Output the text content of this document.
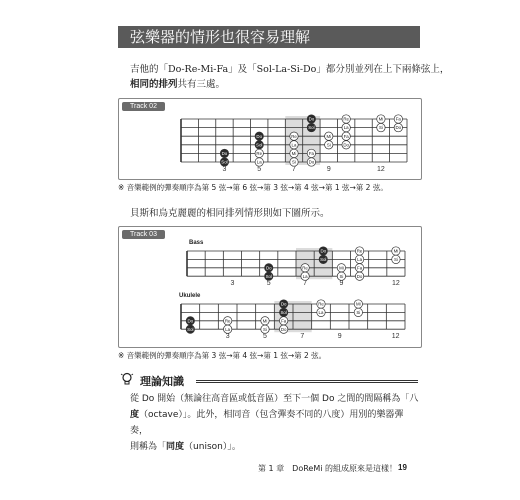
弦樂器的情形也很容易理解
吉他的「Do-Re-Mi-Fa」及「Sol-La-Si-Do」都分別並列在上下兩條弦上，
相同的排列共有三處。
Track 02
Do	Re	Mi	Fa
Sol	La	Si	Do
Do	Re	Mi	Fa
Sol	La	Si	Do
Do	Re	Mi	Fa
Sol	La	Si	Do
3	5	7	9	12
※ 音樂範例的彈奏順序為第 5 弦→第 6 弦→第 3 弦→第 4 弦→第 1 弦→第 2 弦。
貝斯和烏克麗麗的相同排列情形則如下圖所示。
Track 03
Bass
Do	Re	Mi
Sol	La	Si
Do	Re	Mi	Fa
Sol	La	Si	Do
3	5	7	9	12
Ukulele
Do	Re	Mi
Sol	La	Si
Do	Re	Mi	Fa
Sol	La	Si	Do
3	5	7	9	12
※ 音樂範例的彈奏順序為第 3 弦→第 4 弦→第 1 弦→第 2 弦。
理論知識
從 Do 開始（無論往高音區或低音區）至下一個 Do 之間的間隔稱為「八
度（octave）」。此外，相同音（包含彈奏不同的八度）用別的樂器彈奏，
則稱為「同度（unison）」。
第 1 章　DoReMi 的組成原來是這樣！ 19
